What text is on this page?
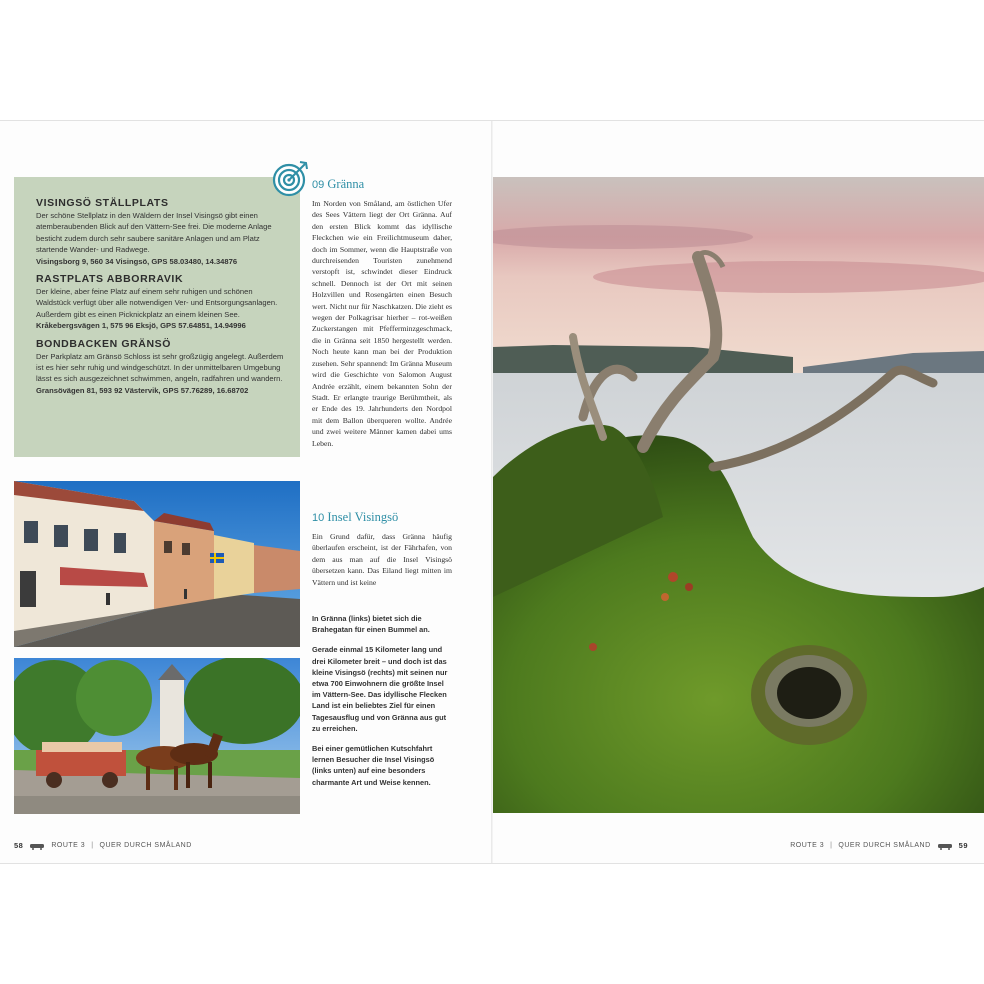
VISINGSÖ STÄLLPLATS

Der schöne Stellplatz in den Wäldern der Insel Visingsö gibt einen atemberaubenden Blick auf den Vättern-See frei. Die moderne Anlage besticht zudem durch sehr saubere sanitäre Anlagen und am Platz startende Wander- und Radwege.

Visingsborg 9, 560 34 Visingsö, GPS 58.03480, 14.34876

RASTPLATS ABBORRAVIK

Der kleine, aber feine Platz auf einem sehr ruhigen und schönen Waldstück verfügt über alle notwendigen Ver- und Entsorgungsanlagen. Außerdem gibt es einen Picknickplatz an einem kleinen See.

Kråkebergsvägen 1, 575 96 Eksjö, GPS 57.64851, 14.94996

BONDBACKEN GRÄNSÖ

Der Parkplatz am Gränsö Schloss ist sehr großzügig angelegt. Außerdem ist es hier sehr ruhig und windgeschützt. In der unmittelbaren Umgebung lässt es sich ausgezeichnet schwimmen, angeln, radfahren und wandern.

Gransövägen 81, 593 92 Västervik, GPS 57.76289, 16.68702

09 Gränna

Im Norden von Småland, am östlichen Ufer des Sees Vättern liegt der Ort Gränna. Auf den ersten Blick kommt das idyllische Fleckchen wie ein Freilichtmuseum daher, doch im Sommer, wenn die Hauptstraße von durchreisenden Touristen zunehmend verstopft ist, schwindet dieser Eindruck schnell. Dennoch ist der Ort mit seinen Holzvillen und Rosengärten einen Besuch wert. Nicht nur für Naschkatzen. Die zieht es wegen der Polkagrisar hierher – rot-weißen Zuckerstangen mit Pfefferminzgeschmack, die in Gränna seit 1850 hergestellt werden. Noch heute kann man bei der Produktion zusehen. Sehr spannend: Im Gränna Museum wird die Geschichte von Salomon August Andrée erzählt, einem bekannten Sohn der Stadt. Er erlangte traurige Berühmtheit, als er Ende des 19. Jahrhunderts den Nordpol mit dem Ballon überqueren wollte. Andrée und zwei weitere Männer kamen dabei ums Leben.

10 Insel Visingsö

Ein Grund dafür, dass Gränna häufig überlaufen erscheint, ist der Fährhafen, von dem aus man auf die Insel Visingsö übersetzen kann. Das Eiland liegt mitten im Vättern und ist keine

In Gränna (links) bietet sich die Brahegatan für einen Bummel an.

Gerade einmal 15 Kilometer lang und drei Kilometer breit – und doch ist das kleine Visingsö (rechts) mit seinen nur etwa 700 Einwohnern die größte Insel im Vättern-See. Das idyllische Flecken Land ist ein beliebtes Ziel für einen Tagesausflug und von Gränna aus gut zu erreichen.

Bei einer gemütlichen Kutschfahrt lernen Besucher die Insel Visingsö (links unten) auf eine besonders charmante Art und Weise kennen.

58	ROUTE 3 | QUER DURCH SMÅLAND	ROUTE 3 | QUER DURCH SMÅLAND	59
